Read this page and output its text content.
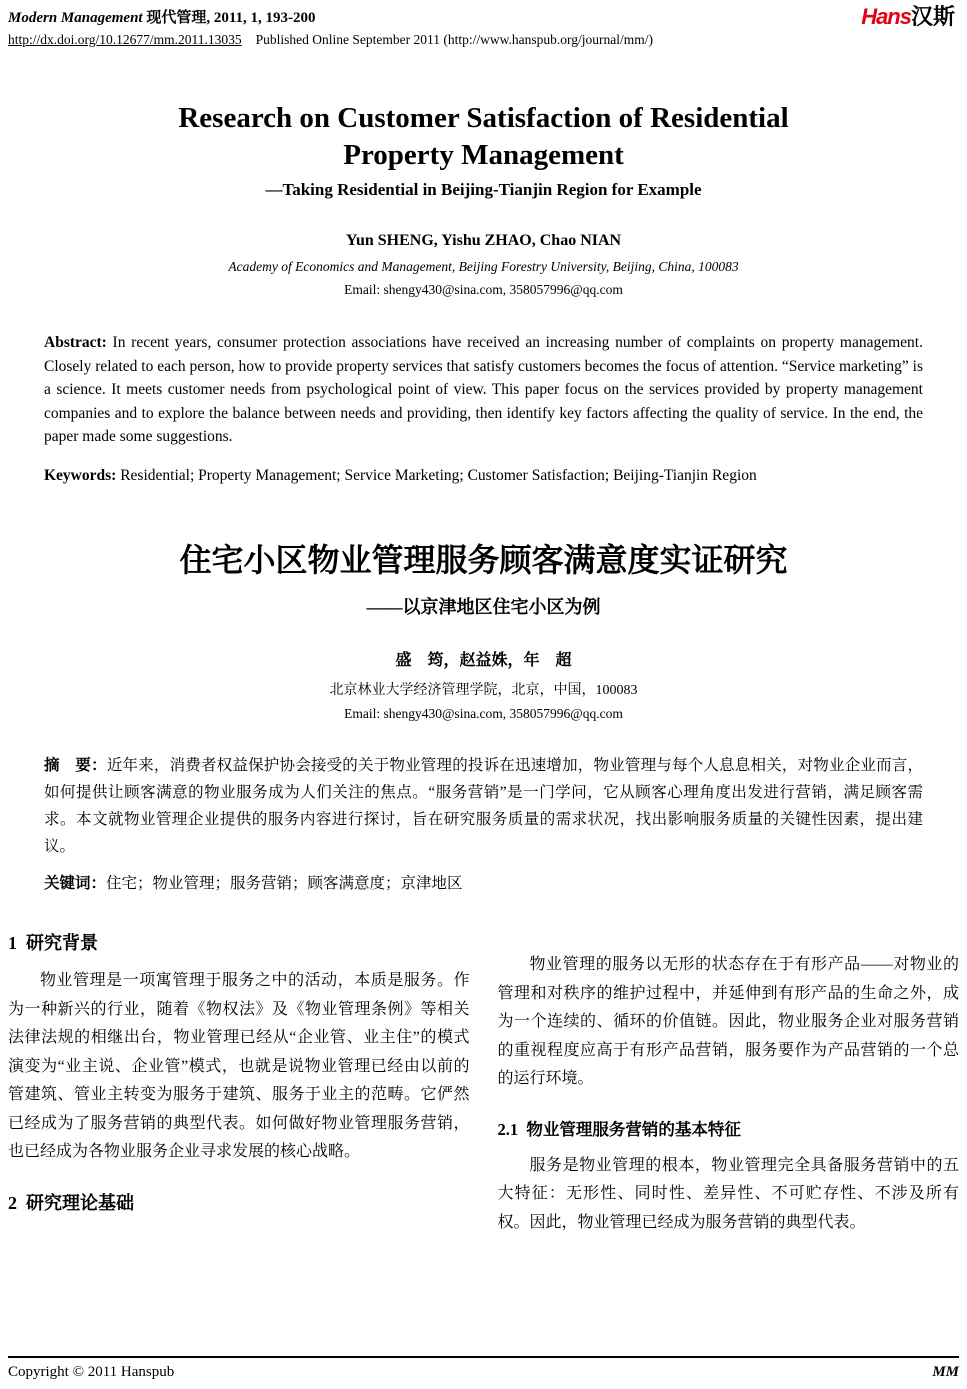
Modern Management 现代管理, 2011, 1, 193-200
http://dx.doi.org/10.12677/mm.2011.13035 Published Online September 2011 (http://www.hanspub.org/journal/mm/)
Hans汉斯
Research on Customer Satisfaction of Residential
Property Management
—Taking Residential in Beijing-Tianjin Region for Example
Yun SHENG, Yishu ZHAO, Chao NIAN
Academy of Economics and Management, Beijing Forestry University, Beijing, China, 100083
Email: shengy430@sina.com, 358057996@qq.com

Abstract: In recent years, consumer protection associations have received an increasing number of complaints on property management. Closely related to each person, how to provide property services that satisfy customers becomes the focus of attention. “Service marketing” is a science. It meets customer needs from psychological point of view. This paper focus on the services provided by property management companies and to explore the balance between needs and providing, then identify key factors affecting the quality of service. In the end, the paper made some suggestions.

Keywords: Residential; Property Management; Service Marketing; Customer Satisfaction; Beijing-Tianjin Region

住宅小区物业管理服务顾客满意度实证研究
——以京津地区住宅小区为例
盛　筠，赵益姝，年　超
北京林业大学经济管理学院，北京，中国，100083
Email: shengy430@sina.com, 358057996@qq.com

摘　要：近年来，消费者权益保护协会接受的关于物业管理的投诉在迅速增加，物业管理与每个人息息相关，对物业企业而言，如何提供让顾客满意的物业服务成为人们关注的焦点。“服务营销”是一门学问，它从顾客心理角度出发进行营销，满足顾客需求。本文就物业管理企业提供的服务内容进行探讨，旨在研究服务质量的需求状况，找出影响服务质量的关键性因素，提出建议。

关键词：住宅；物业管理；服务营销；顾客满意度；京津地区

1  研究背景

物业管理是一项寓管理于服务之中的活动，本质是服务。作为一种新兴的行业，随着《物权法》及《物业管理条例》等相关法律法规的相继出台，物业管理已经从“企业管、业主住”的模式演变为“业主说、企业管”模式，也就是说物业管理已经由以前的管建筑、管业主转变为服务于建筑、服务于业主的范畴。它俨然已经成为了服务营销的典型代表。如何做好物业管理服务营销，也已经成为各物业服务企业寻求发展的核心战略。

2  研究理论基础

物业管理的服务以无形的状态存在于有形产品——对物业的管理和对秩序的维护过程中，并延伸到有形产品的生命之外，成为一个连续的、循环的价值链。因此，物业服务企业对服务营销的重视程度应高于有形产品营销，服务要作为产品营销的一个总的运行环境。

2.1  物业管理服务营销的基本特征

服务是物业管理的根本，物业管理完全具备服务营销中的五大特征：无形性、同时性、差异性、不可贮存性、不涉及所有权。因此，物业管理已经成为服务营销的典型代表。

Copyright © 2011 Hanspub	MM
